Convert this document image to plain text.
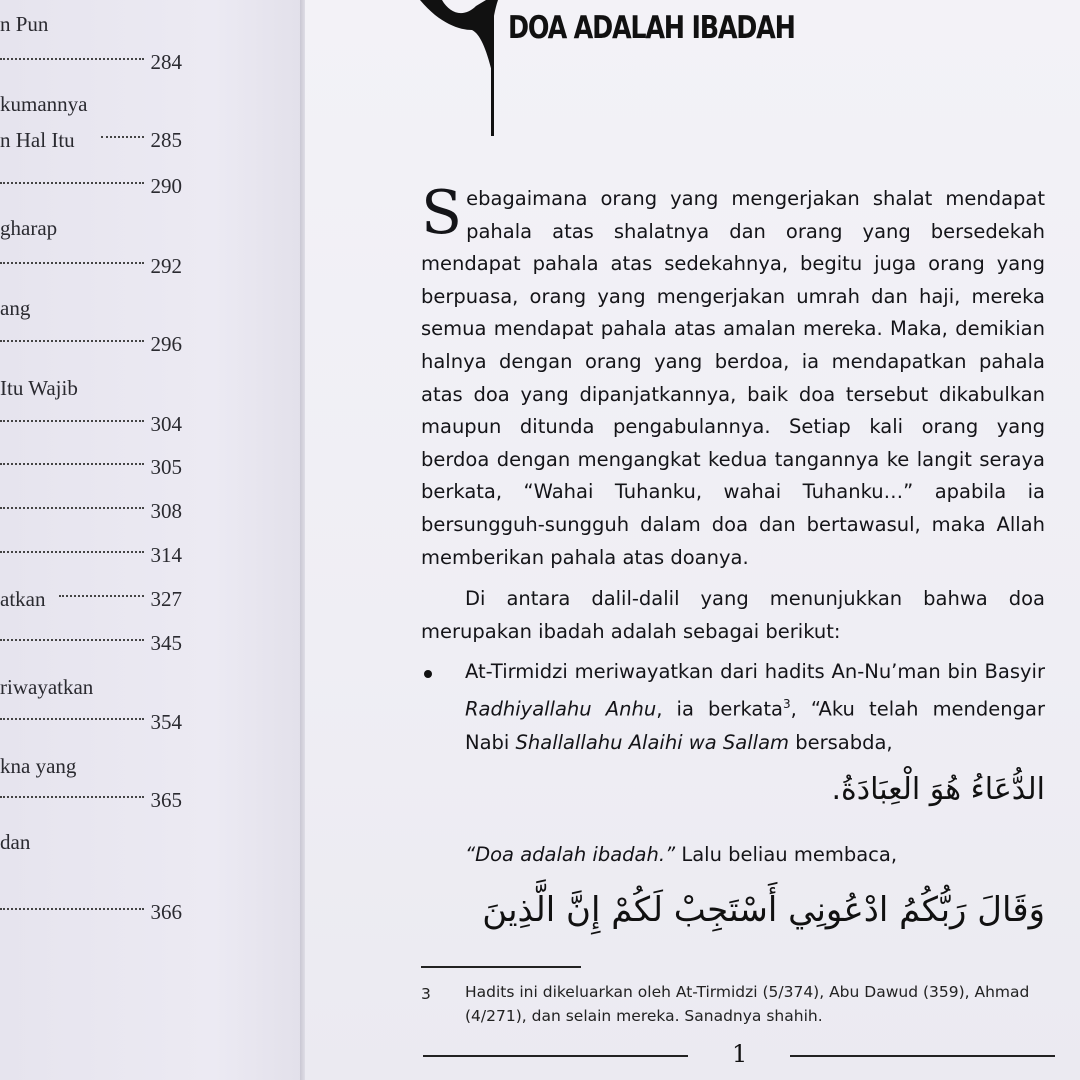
n Pun
284
kumannya
n Hal Itu	285
290
gharap
292
ang
296
Itu Wajib
304
305
308
314
atkan	327
345
riwayatkan
354
kna yang
365
dan
366
DOA ADALAH IBADAH

Sebagaimana orang yang mengerjakan shalat mendapat pahala atas shalatnya dan orang yang bersedekah mendapat pahala atas sedekahnya, begitu juga orang yang berpuasa, orang yang mengerjakan umrah dan haji, mereka semua mendapat pahala atas amalan mereka. Maka, demikian halnya dengan orang yang berdoa, ia mendapatkan pahala atas doa yang dipanjatkannya, baik doa tersebut dikabulkan maupun ditunda pengabulannya. Setiap kali orang yang berdoa dengan mengangkat kedua tangannya ke langit seraya berkata, “Wahai Tuhanku, wahai Tuhanku…” apabila ia bersungguh-sungguh dalam doa dan bertawasul, maka Allah memberikan pahala atas doanya.

Di antara dalil-dalil yang menunjukkan bahwa doa merupakan ibadah adalah sebagai berikut:

At-Tirmidzi meriwayatkan dari hadits An-Nu’man bin Basyir Radhiyallahu Anhu, ia berkata$^3$, “Aku telah mendengar Nabi Shallallahu Alaihi wa Sallam bersabda,

الدُّعَاءُ هُوَ الْعِبَادَةُ.
“Doa adalah ibadah.” Lalu beliau membaca,
وَقَالَ رَبُّكُمُ ادْعُونِي أَسْتَجِبْ لَكُمْ إِنَّ الَّذِينَ
3 Hadits ini dikeluarkan oleh At-Tirmidzi (5/374), Abu Dawud (359), Ahmad (4/271), dan selain mereka. Sanadnya shahih.

1
